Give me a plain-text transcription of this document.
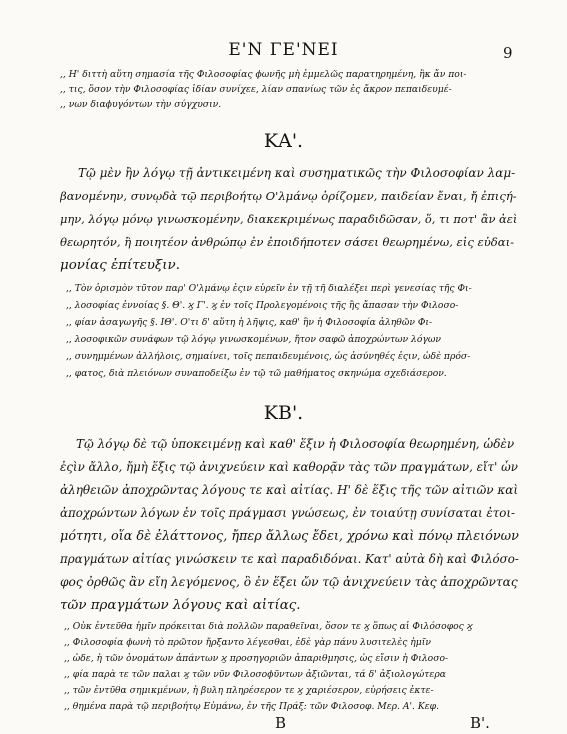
Ε'Ν ΓΕ'ΝΕΙ	9
,, Η' διττὴ αὕτη σημασία τῆς Φιλοσοφίας ϕωνῆς μὴ ἐμμελῶς παρατηρημένη, ἢκ ἄν ποι-
,, τις, ὅσον τὴν Φιλοσοφίας ἰδίαν συνίχεε, λίαν σπανίως τῶν ἐς ἄκρον πεπαιδευμέ-
,, νων διαϕυγόντων τὴν σύγχυσιν.
ΚΑ'.
Τῷ μὲν ἢν λόγῳ τῇ ἀντικειμένη καὶ συσηματικῶς τὴν Φιλοσοφίαν λαμ-
βανομένην, συνῳδὰ τῷ περιβοήτῳ Ο'λμάνῳ ὁρίζομεν, παιδείαν ἔναι, ἤ ἐπιςή-
μην, λόγῳ μόνῳ γινωσκομένην, διακεκριμένως παραδιδῶσαν, ὅ, τι ποτ' ἂν ἀεὶ
θεωρητόν, ἢ ποιητέον ἀνθρώπῳ ἐν ἐποιδήποτεν σάσει θεωρημένω, εἰς εὐδαι-
μονίας ἐπίτευξιν.
,, Τὸν ὁρισμὸν τῦτον παρ' Ο'λμάνῳ ἐςιν εὑρεῖν ἐν τῇ τῆ διαλέξει περὶ γενεσίας τῆς Φι-
,, λοσοφίας ἐννοίας §. Θ'. ϗ Γ'. ϗ ἐν τοῖς Προλεγομένοις τῆς ἢς ἄπασαν τὴν Φιλοσο-
,, φίαν ἀσαγωγῆς §. ΙΘ'. Ο'τι δ' αὕτη ἡ λῆψις, καθ' ἣν ἡ Φιλοσοφία ἀληθῶν Φι-
,, λοσοφικῶν συνάφων τῷ λόγῳ γινωσκομένων, ἤτον σαφῶ ἀποχρώντων λόγων
,, συνημμένων ἀλλήλοις, σημαίνει, τοῖς πεπαιδευμένοις, ὡς ἀσύνηθές ἐςιν, ὡδὲ πρόσ-
,, φατος, διὰ πλειόνων συναποδείξω ἐν τῷ τῶ μαθήματος σκηνώμα σχεδιάσερον.
ΚΒ'.
Τῷ λόγῳ δὲ τῷ ὑποκειμένῃ καὶ καθ' ἕξιν ἡ Φιλοσοφία θεωρημένη, ὡδὲν
ἐςὶν ἄλλο, ἤμὴ ἕξις τῷ ἀνιχνεύειν καὶ καθορᾷν τὰς τῶν πραγμάτων, εἴτ' ὧν
ἀληθειῶν ἀποχρῶντας λόγους τε καὶ αἰτίας. Η' δὲ ἕξις τῆς τῶν αἰτιῶν καὶ
ἀποχρώντων λόγων ἐν τοῖς πράγμασι γνώσεως, ἐν τοιαύτῃ συνίσαται ἐτοι-
μότητι, οἵα δὲ ἐλάττονος, ἤπερ ἄλλως ἔδει, χρόνω καὶ πόνῳ πλειόνων
πραγμάτων αἰτίας γινώσκειν τε καὶ παραδιδόναι. Κατ' αὐτὰ δὴ καὶ Φιλόσο-
φος ὀρθῶς ἂν εἴη λεγόμενος, ὃ ἐν ἕξει ὤν τῷ ἀνιχνεύειν τὰς ἀποχρῶντας
τῶν πραγμάτων λόγους καὶ αἰτίας.
,, Οὐκ ἐντεῦθα ἡμῖν πρόκειται διὰ πολλῶν παραθεῖναι, ὅσον τε ϗ ὅπως αἱ Φιλόσοφος ϗ
,, Φιλοσοφία ϕωνὴ τὸ πρῶτον ἤρξαντο λέγεσθαι, ἐδὲ γὰρ πάνυ λυσιτελὲς ἡμῖν
,, ὧδε, ἡ τῶν ὀνομάτων ἀπάντων ϗ προσηγοριῶν ἀπαριθμησις, ὡς εἴσιν ἡ Φιλοσο-
,, φία παρὰ τε τῶν παλαι ϗ τῶν νῦν Φιλοσοϕῦντων ἀξιῶνται, τά δ' ἀξιολογώτερα
,, τῶν ἐντῦθα σημικμένων, ἡ βυλη πληρέσερον τε ϗ χαριέσερον, εὑρήσεις ἐκτε-
,, θημένα παρὰ τῷ περιβοήτῳ Εὐμάνω, ἐν τῆς Πράξ: τῶν Φιλοσοφ. Μερ. Α'. Κεφ.
B	B'.
